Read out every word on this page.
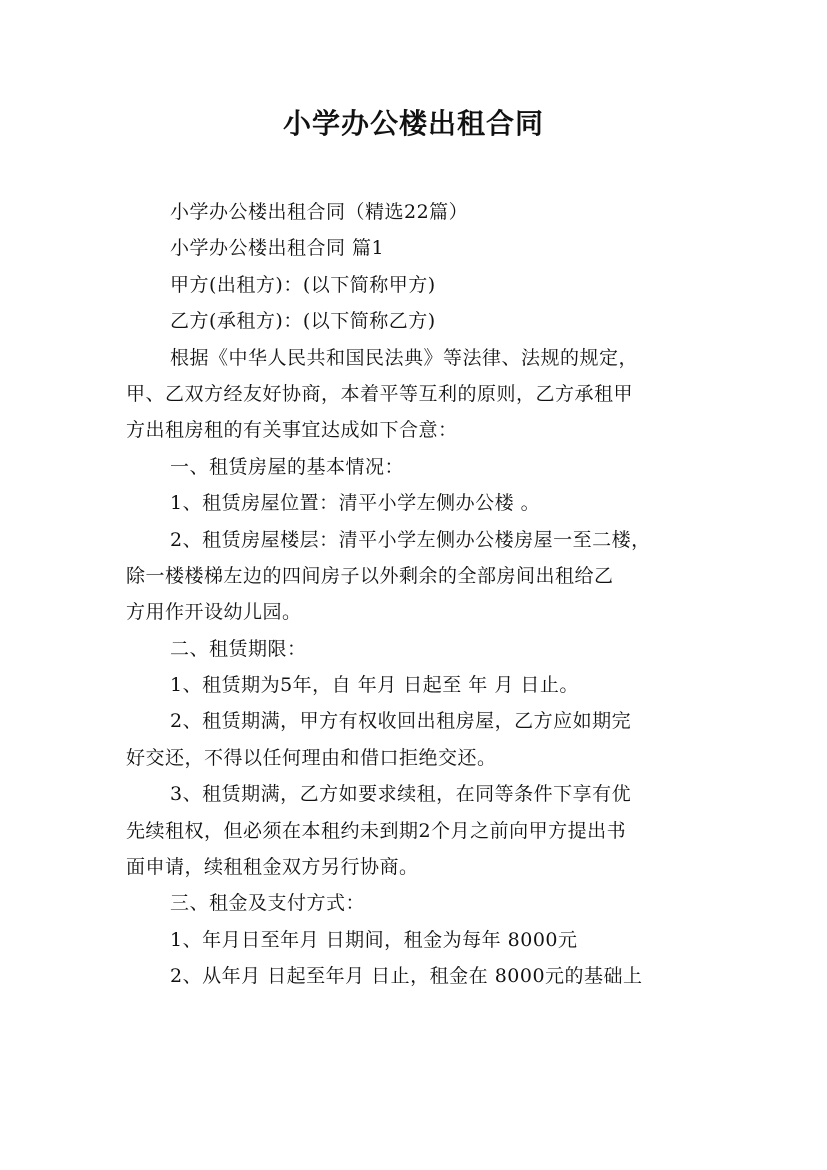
小学办公楼出租合同
小学办公楼出租合同（精选22篇）
小学办公楼出租合同 篇1
甲方(出租方)：(以下简称甲方)
乙方(承租方)：(以下简称乙方)
根据《中华人民共和国民法典》等法律、法规的规定，
甲、乙双方经友好协商，本着平等互利的原则，乙方承租甲
方出租房租的有关事宜达成如下合意：
一、租赁房屋的基本情况：
1、租赁房屋位置：清平小学左侧办公楼 。
2、租赁房屋楼层：清平小学左侧办公楼房屋一至二楼，
除一楼楼梯左边的四间房子以外剩余的全部房间出租给乙
方用作开设幼儿园。
二、租赁期限：
1、租赁期为5年，自 年月 日起至 年 月 日止。
2、租赁期满，甲方有权收回出租房屋，乙方应如期完
好交还，不得以任何理由和借口拒绝交还。
3、租赁期满，乙方如要求续租，在同等条件下享有优
先续租权，但必须在本租约未到期2个月之前向甲方提出书
面申请，续租租金双方另行协商。
三、租金及支付方式：
1、年月日至年月 日期间，租金为每年 8000元
2、从年月 日起至年月 日止，租金在 8000元的基础上
